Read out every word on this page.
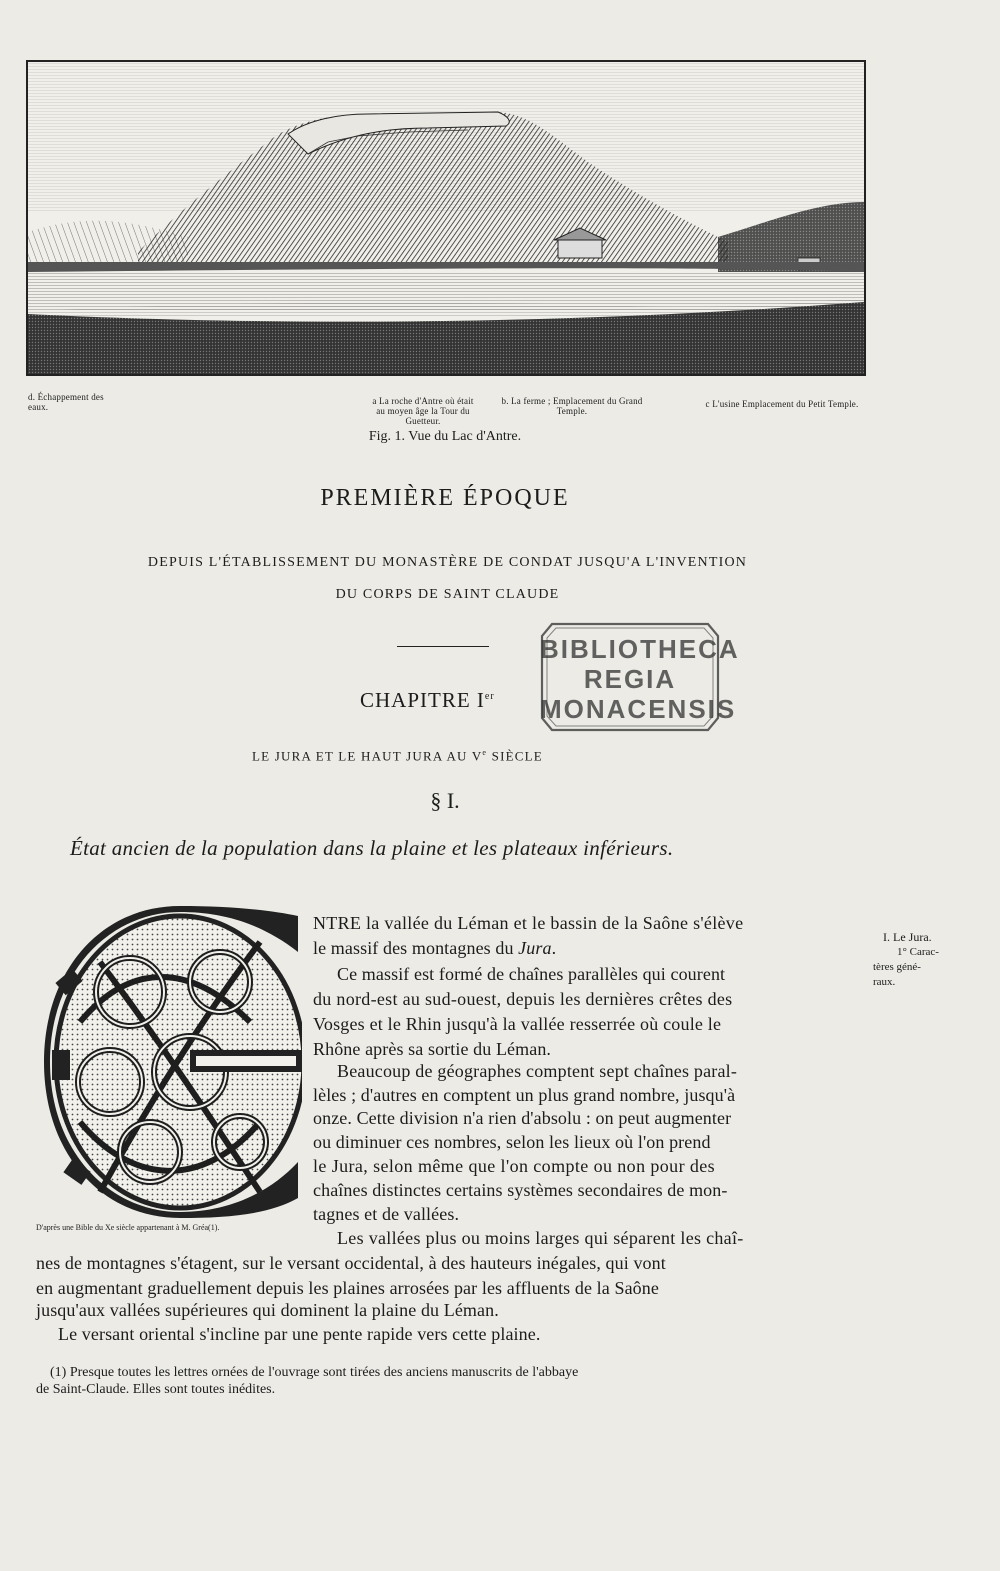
d. Échappement des eaux.
a La roche d'Antre où était au moyen âge la Tour du Guetteur.
b. La ferme ; Emplacement du Grand Temple.
c L'usine Emplacement du Petit Temple.
Fig. 1. Vue du Lac d'Antre.
PREMIÈRE ÉPOQUE
DEPUIS L'ÉTABLISSEMENT DU MONASTÈRE DE CONDAT JUSQU'A L'INVENTION
DU CORPS DE SAINT CLAUDE
BIBLIOTHECA
REGIA
MONACENSIS
CHAPITRE Ier
LE JURA ET LE HAUT JURA AU Ve SIÈCLE
§ I.
État ancien de la population dans la plaine et les plateaux inférieurs.
D'après une Bible du Xe siècle appartenant à M. Gréa(1).
NTRE la vallée du Léman et le bassin de la Saône s'élève
le massif des montagnes du Jura.
Ce massif est formé de chaînes parallèles qui courent
du nord-est au sud-ouest, depuis les dernières crêtes des
Vosges et le Rhin jusqu'à la vallée resserrée où coule le
Rhône après sa sortie du Léman.
Beaucoup de géographes comptent sept chaînes paral-
lèles ; d'autres en comptent un plus grand nombre, jusqu'à
onze. Cette division n'a rien d'absolu : on peut augmenter
ou diminuer ces nombres, selon les lieux où l'on prend
le Jura, selon même que l'on compte ou non pour des
chaînes distinctes certains systèmes secondaires de mon-
tagnes et de vallées.
Les vallées plus ou moins larges qui séparent les chaî-
nes de montagnes s'étagent, sur le versant occidental, à des hauteurs inégales, qui vont
en augmentant graduellement depuis les plaines arrosées par les affluents de la Saône
jusqu'aux vallées supérieures qui dominent la plaine du Léman.
Le versant oriental s'incline par une pente rapide vers cette plaine.
I. Le Jura.
1° Carac-
tères géné-
raux.
(1) Presque toutes les lettres ornées de l'ouvrage sont tirées des anciens manuscrits de l'abbaye
de Saint-Claude. Elles sont toutes inédites.
